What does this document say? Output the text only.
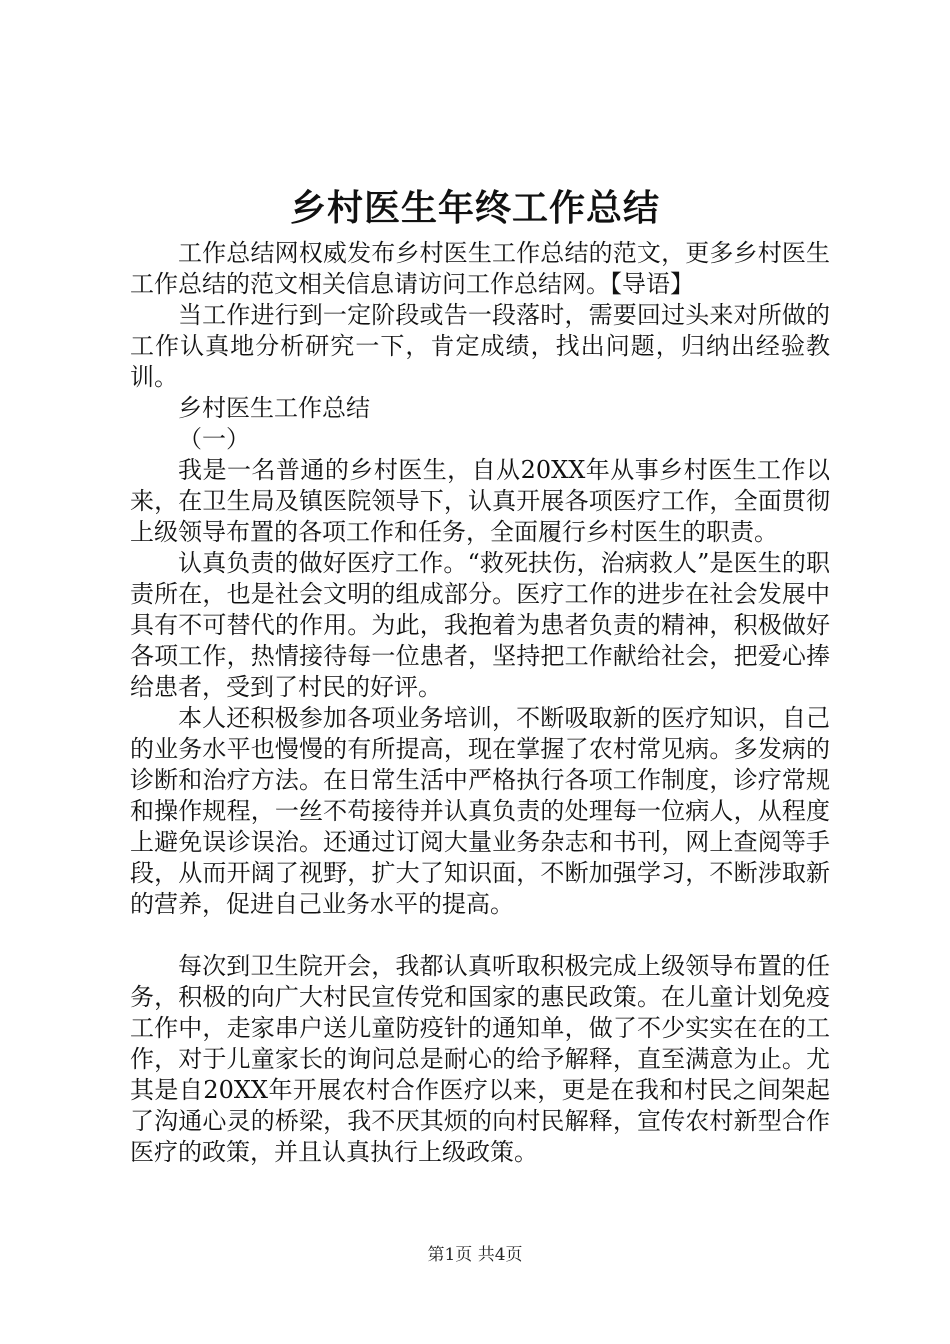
乡村医生年终工作总结

工作总结网权威发布乡村医生工作总结的范文，更多乡村医生工作总结的范文相关信息请访问工作总结网。【导语】

当工作进行到一定阶段或告一段落时，需要回过头来对所做的工作认真地分析研究一下，肯定成绩，找出问题，归纳出经验教训。

乡村医生工作总结

（一）

我是一名普通的乡村医生，自从20XX年从事乡村医生工作以来，在卫生局及镇医院领导下，认真开展各项医疗工作，全面贯彻上级领导布置的各项工作和任务，全面履行乡村医生的职责。

认真负责的做好医疗工作。“救死扶伤，治病救人”是医生的职责所在，也是社会文明的组成部分。医疗工作的进步在社会发展中具有不可替代的作用。为此，我抱着为患者负责的精神，积极做好各项工作，热情接待每一位患者，坚持把工作献给社会，把爱心捧给患者，受到了村民的好评。

本人还积极参加各项业务培训，不断吸取新的医疗知识，自己的业务水平也慢慢的有所提高，现在掌握了农村常见病。多发病的诊断和治疗方法。在日常生活中严格执行各项工作制度，诊疗常规和操作规程，一丝不苟接待并认真负责的处理每一位病人，从程度上避免误诊误治。还通过订阅大量业务杂志和书刊，网上查阅等手段，从而开阔了视野，扩大了知识面，不断加强学习，不断涉取新的营养，促进自己业务水平的提高。

每次到卫生院开会，我都认真听取积极完成上级领导布置的任务，积极的向广大村民宣传党和国家的惠民政策。在儿童计划免疫工作中，走家串户送儿童防疫针的通知单，做了不少实实在在的工作，对于儿童家长的询问总是耐心的给予解释，直至满意为止。尤其是自20XX年开展农村合作医疗以来，更是在我和村民之间架起了沟通心灵的桥梁，我不厌其烦的向村民解释，宣传农村新型合作医疗的政策，并且认真执行上级政策。

第1页 共4页
